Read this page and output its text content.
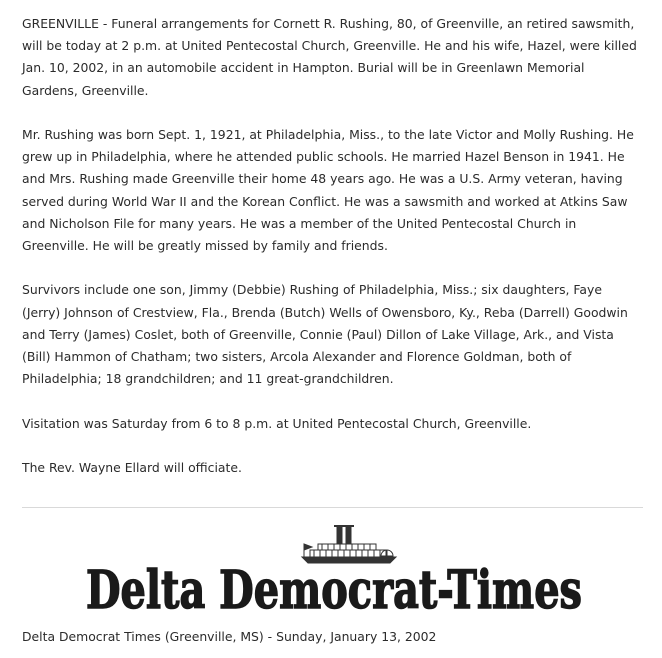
GREENVILLE - Funeral arrangements for Cornett R. Rushing, 80, of Greenville, an retired sawsmith, will be today at 2 p.m. at United Pentecostal Church, Greenville. He and his wife, Hazel, were killed Jan. 10, 2002, in an automobile accident in Hampton. Burial will be in Greenlawn Memorial Gardens, Greenville.

Mr. Rushing was born Sept. 1, 1921, at Philadelphia, Miss., to the late Victor and Molly Rushing. He grew up in Philadelphia, where he attended public schools. He married Hazel Benson in 1941. He and Mrs. Rushing made Greenville their home 48 years ago. He was a U.S. Army veteran, having served during World War II and the Korean Conflict. He was a sawsmith and worked at Atkins Saw and Nicholson File for many years. He was a member of the United Pentecostal Church in Greenville. He will be greatly missed by family and friends.

Survivors include one son, Jimmy (Debbie) Rushing of Philadelphia, Miss.; six daughters, Faye (Jerry) Johnson of Crestview, Fla., Brenda (Butch) Wells of Owensboro, Ky., Reba (Darrell) Goodwin and Terry (James) Coslet, both of Greenville, Connie (Paul) Dillon of Lake Village, Ark., and Vista (Bill) Hammon of Chatham; two sisters, Arcola Alexander and Florence Goldman, both of Philadelphia; 18 grandchildren; and 11 great-grandchildren.

Visitation was Saturday from 6 to 8 p.m. at United Pentecostal Church, Greenville.

The Rev. Wayne Ellard will officiate.

Delta Democrat-Times
Delta Democrat Times (Greenville, MS) - Sunday, January 13, 2002
